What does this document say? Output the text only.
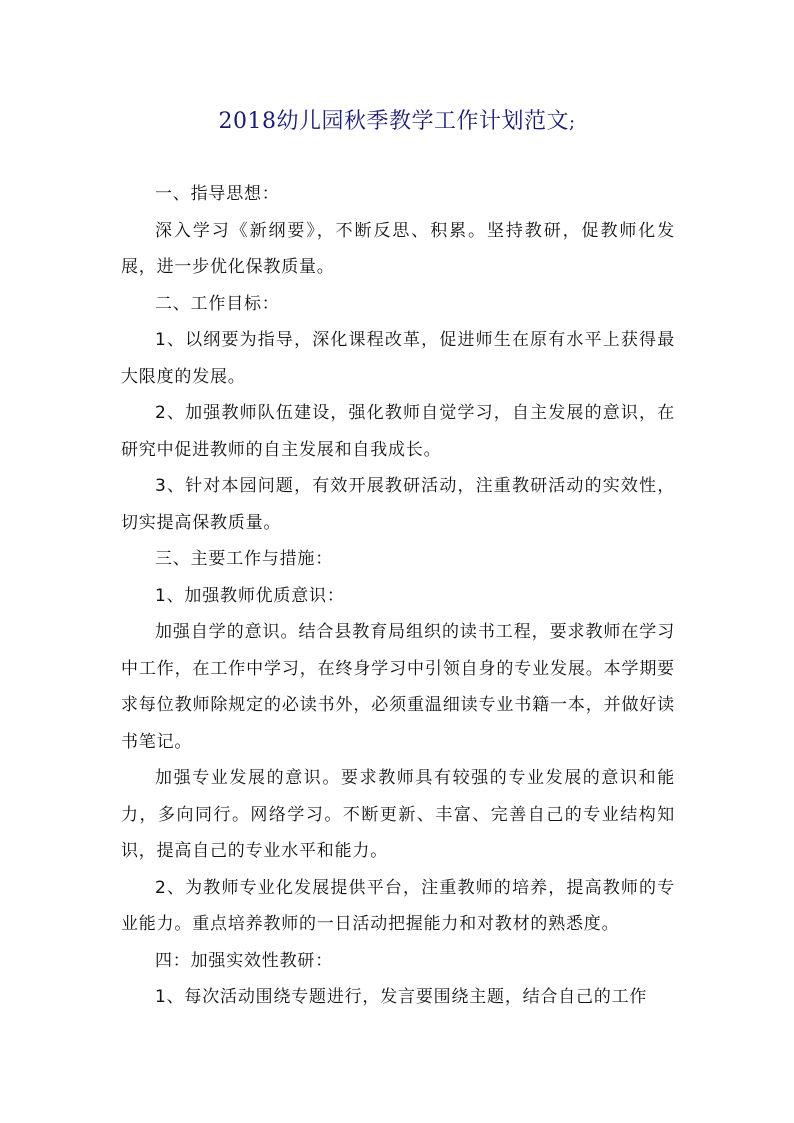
2018幼儿园秋季教学工作计划范文;

一、指导思想：

深入学习《新纲要》，不断反思、积累。坚持教研，促教师化发展，进一步优化保教质量。

二、工作目标：

1、以纲要为指导，深化课程改革，促进师生在原有水平上获得最大限度的发展。

2、加强教师队伍建设，强化教师自觉学习，自主发展的意识，在研究中促进教师的自主发展和自我成长。

3、针对本园问题，有效开展教研活动，注重教研活动的实效性，切实提高保教质量。

三、主要工作与措施：

1、加强教师优质意识：

加强自学的意识。结合县教育局组织的读书工程，要求教师在学习中工作，在工作中学习，在终身学习中引领自身的专业发展。本学期要求每位教师除规定的必读书外，必须重温细读专业书籍一本，并做好读书笔记。

加强专业发展的意识。要求教师具有较强的专业发展的意识和能力，多向同行。网络学习。不断更新、丰富、完善自己的专业结构知识，提高自己的专业水平和能力。

2、为教师专业化发展提供平台，注重教师的培养，提高教师的专业能力。重点培养教师的一日活动把握能力和对教材的熟悉度。

四：加强实效性教研：

1、每次活动围绕专题进行，发言要围绕主题，结合自己的工作
